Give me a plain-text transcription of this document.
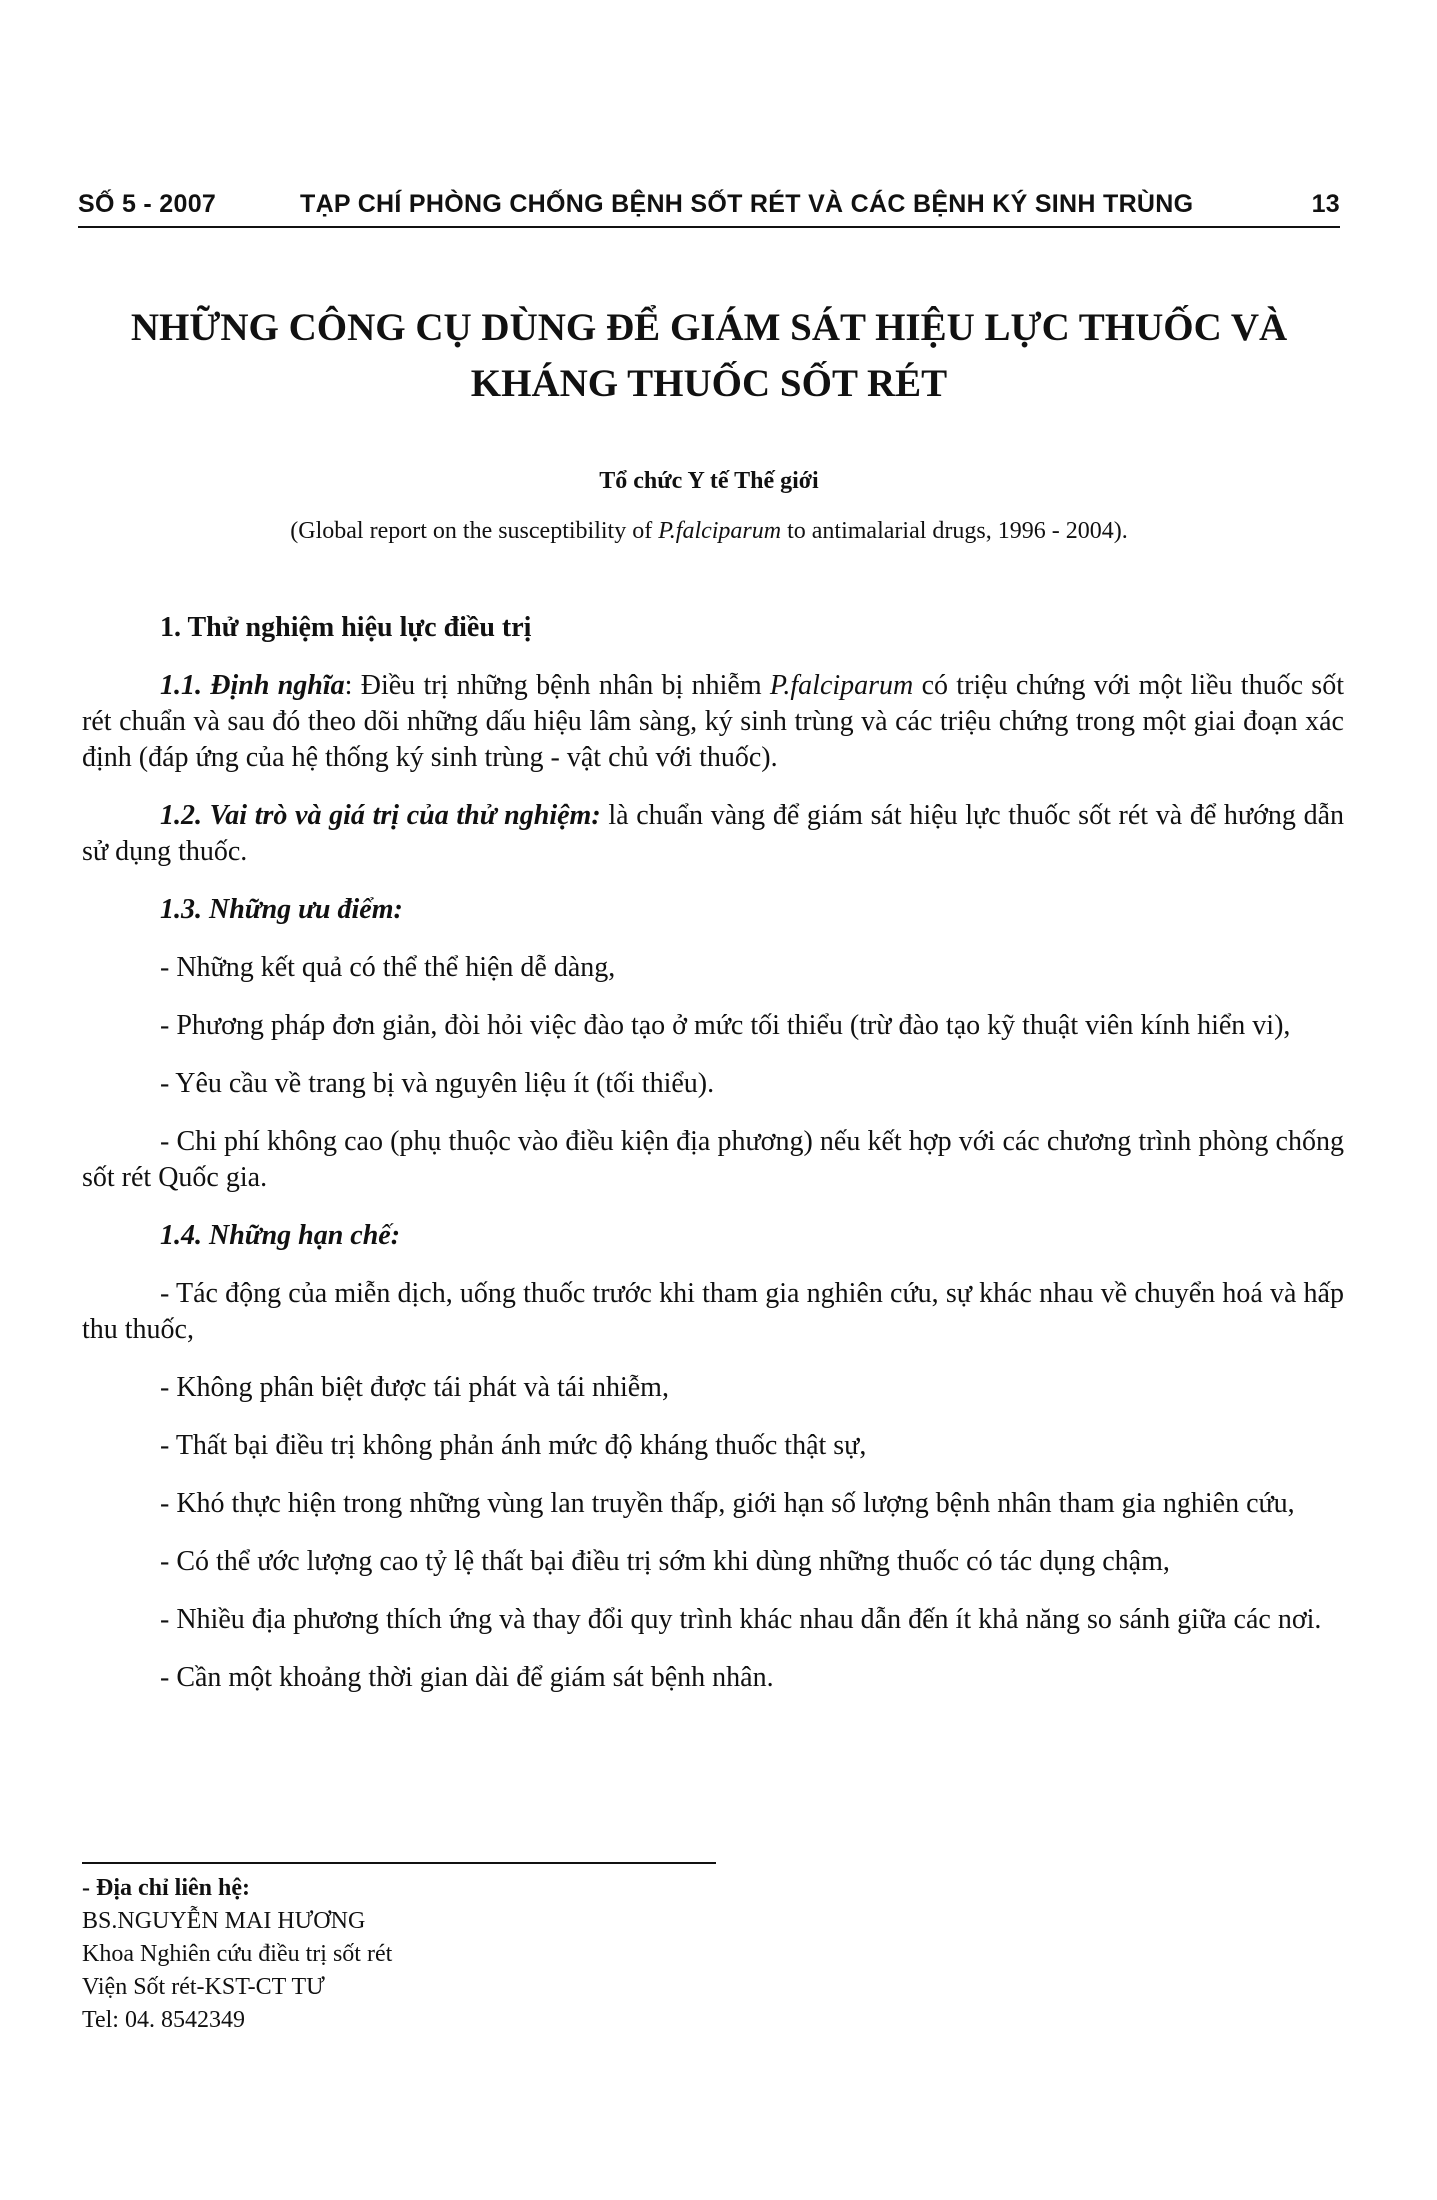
SỐ 5 - 2007	TẠP CHÍ PHÒNG CHỐNG BỆNH SỐT RÉT VÀ CÁC BỆNH KÝ SINH TRÙNG	13
NHỮNG CÔNG CỤ DÙNG ĐỂ GIÁM SÁT HIỆU LỰC THUỐC VÀ
KHÁNG THUỐC SỐT RÉT
Tổ chức Y tế Thế giới
(Global report on the susceptibility of P.falciparum to antimalarial drugs, 1996 - 2004).

1. Thử nghiệm hiệu lực điều trị

1.1. Định nghĩa: Điều trị những bệnh nhân bị nhiễm P.falciparum có triệu chứng với một liều thuốc sốt rét chuẩn và sau đó theo dõi những dấu hiệu lâm sàng, ký sinh trùng và các triệu chứng trong một giai đoạn xác định (đáp ứng của hệ thống ký sinh trùng - vật chủ với thuốc).

1.2. Vai trò và giá trị của thử nghiệm: là chuẩn vàng để giám sát hiệu lực thuốc sốt rét và để hướng dẫn sử dụng thuốc.

1.3. Những ưu điểm:

- Những kết quả có thể thể hiện dễ dàng,

- Phương pháp đơn giản, đòi hỏi việc đào tạo ở mức tối thiểu (trừ đào tạo kỹ thuật viên kính hiển vi),

- Yêu cầu về trang bị và nguyên liệu ít (tối thiểu).

- Chi phí không cao (phụ thuộc vào điều kiện địa phương) nếu kết hợp với các chương trình phòng chống sốt rét Quốc gia.

1.4. Những hạn chế:

- Tác động của miễn dịch, uống thuốc trước khi tham gia nghiên cứu, sự khác nhau về chuyển hoá và hấp thu thuốc,

- Không phân biệt được tái phát và tái nhiễm,

- Thất bại điều trị không phản ánh mức độ kháng thuốc thật sự,

- Khó thực hiện trong những vùng lan truyền thấp, giới hạn số lượng bệnh nhân tham gia nghiên cứu,

- Có thể ước lượng cao tỷ lệ thất bại điều trị sớm khi dùng những thuốc có tác dụng chậm,

- Nhiều địa phương thích ứng và thay đổi quy trình khác nhau dẫn đến ít khả năng so sánh giữa các nơi.

- Cần một khoảng thời gian dài để giám sát bệnh nhân.

- Địa chỉ liên hệ:
BS.NGUYỄN MAI HƯƠNG
Khoa Nghiên cứu điều trị sốt rét
Viện Sốt rét-KST-CT TƯ
Tel: 04. 8542349
